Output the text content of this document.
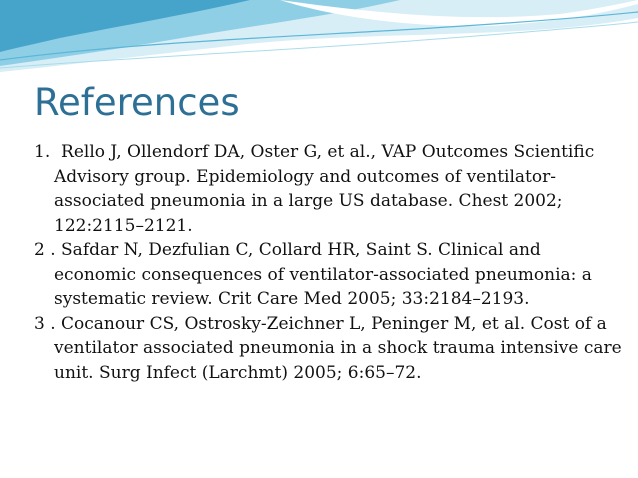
References
1.  Rello J, Ollendorf DA, Oster G, et al., VAP Outcomes Scientific Advisory group. Epidemiology and outcomes of ventilator-associated pneumonia in a large US database. Chest 2002; 122:2115–2121.
2 . Safdar N, Dezfulian C, Collard HR, Saint S. Clinical and economic consequences of ventilator-associated pneumonia: a systematic review. Crit Care Med 2005; 33:2184–2193.
3 . Cocanour CS, Ostrosky-Zeichner L, Peninger M, et al. Cost of a ventilator associated pneumonia in a shock trauma intensive care unit. Surg Infect (Larchmt) 2005; 6:65–72.
